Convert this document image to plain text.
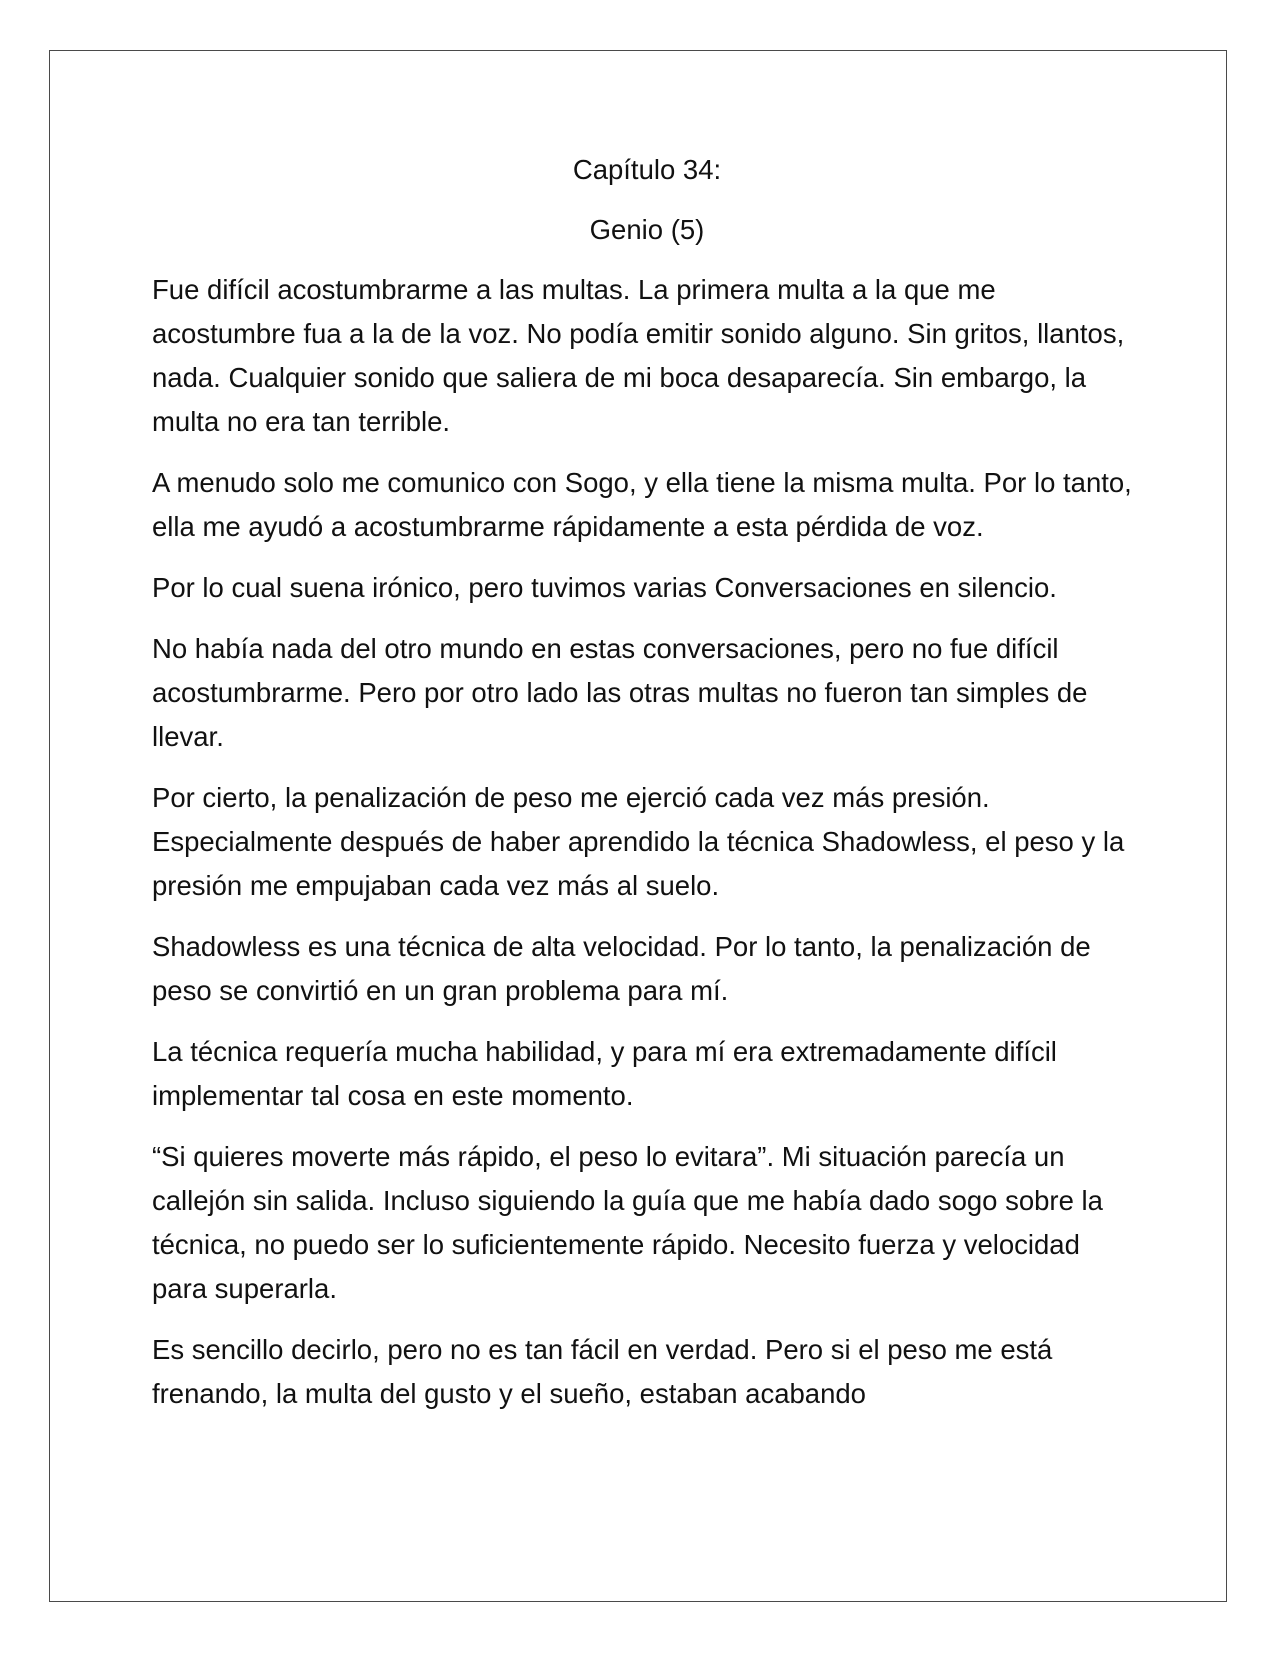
Capítulo 34:
Genio (5)

Fue difícil acostumbrarme a las multas. La primera multa a la que me acostumbre fua a la de la voz. No podía emitir sonido alguno. Sin gritos, llantos, nada. Cualquier sonido que saliera de mi boca desaparecía. Sin embargo, la multa no era tan terrible.

A menudo solo me comunico con Sogo, y ella tiene la misma multa. Por lo tanto, ella me ayudó a acostumbrarme rápidamente a esta pérdida de voz.

Por lo cual suena irónico, pero tuvimos varias Conversaciones en silencio.

No había nada del otro mundo en estas conversaciones, pero no fue difícil acostumbrarme. Pero por otro lado las otras multas no fueron tan simples de llevar.

Por cierto, la penalización de peso me ejerció cada vez más presión. Especialmente después de haber aprendido la técnica Shadowless, el peso y la presión me empujaban cada vez más al suelo.

Shadowless es una técnica de alta velocidad. Por lo tanto, la penalización de peso se convirtió en un gran problema para mí.

La técnica requería mucha habilidad, y para mí era extremadamente difícil implementar tal cosa en este momento.

“Si quieres moverte más rápido, el peso lo evitara”. Mi situación parecía un callejón sin salida. Incluso siguiendo la guía que me había dado sogo sobre la técnica, no puedo ser lo suficientemente rápido. Necesito fuerza y velocidad para superarla.

Es sencillo decirlo, pero no es tan fácil en verdad. Pero si el peso me está frenando, la multa del gusto y el sueño, estaban acabando
